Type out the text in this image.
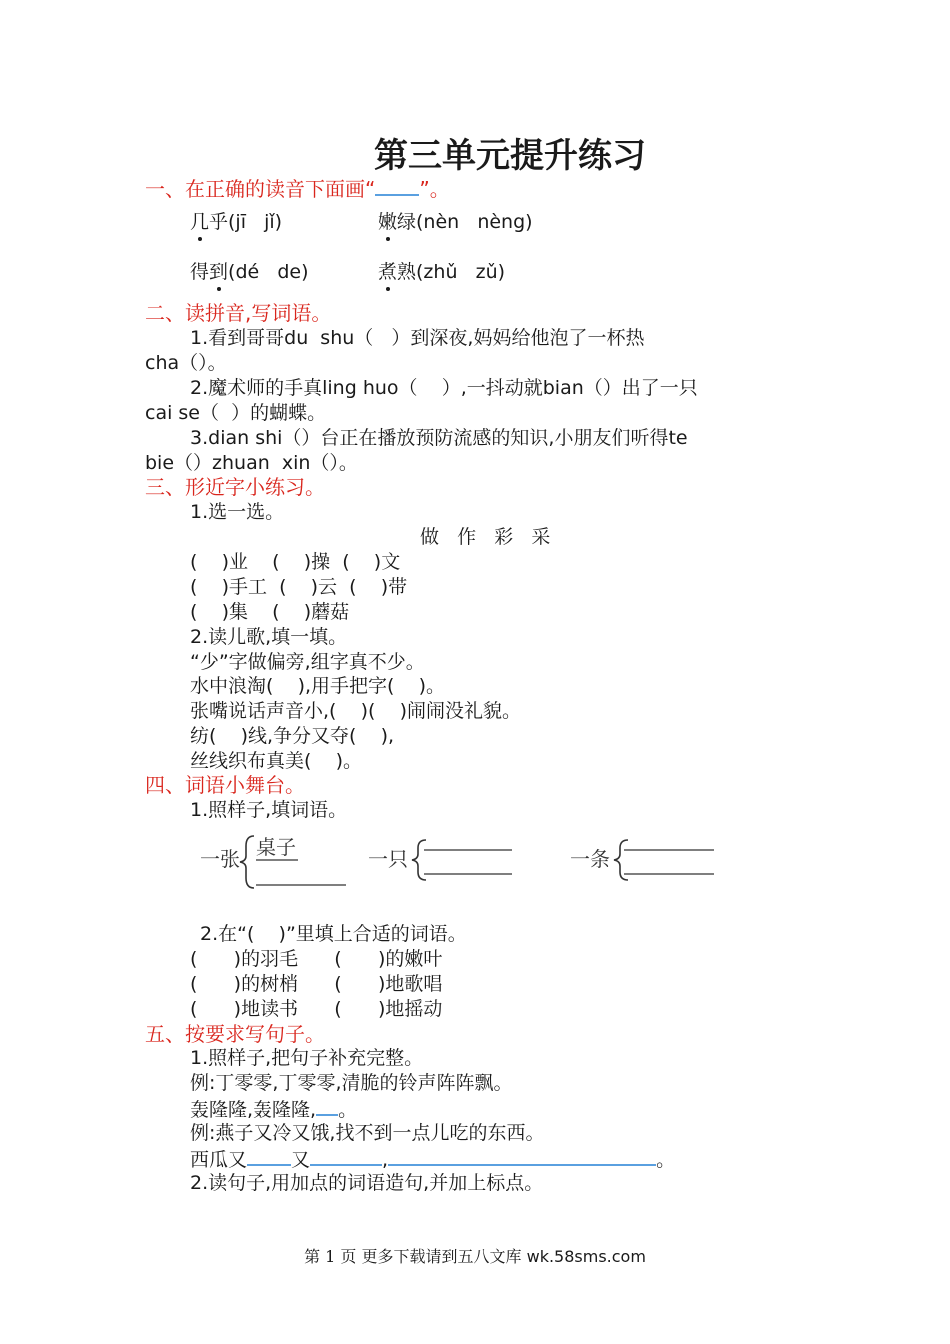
第三单元提升练习
一、在正确的读音下面画“ ”。
几乎(jī   jǐ)	嫩绿(nèn   nèng)
得到(dé   de)	煮熟(zhǔ   zǔ)
二、读拼音,写词语。
1.看到哥哥du  shu（   ）到深夜,妈妈给他泡了一杯热
cha（）。
2.魔术师的手真ling huo（    ）,一抖动就bian（）出了一只
cai se（  ）的蝴蝶。
3.dian shi（）台正在播放预防流感的知识,小朋友们听得te
bie（）zhuan  xin（）。
三、形近字小练习。
1.选一选。
做   作   彩   采
(    )业    (    )操  (    )文
(    )手工  (    )云  (    )带
(    )集    (    )蘑菇
2.读儿歌,填一填。
“少”字做偏旁,组字真不少。
水中浪淘(    ),用手把字(    )。
张嘴说话声音小,(    )(    )闹闹没礼貌。
纺(    )线,争分又夺(    ),
丝线织布真美(    )。
四、词语小舞台。
1.照样子,填词语。
一张 桌子	一只	一条
2.在“(    )”里填上合适的词语。
(      )的羽毛      (      )的嫩叶
(      )的树梢      (      )地歌唱
(      )地读书      (      )地摇动
五、按要求写句子。
1.照样子,把句子补充完整。
例:丁零零,丁零零,清脆的铃声阵阵飘。
轰隆隆,轰隆隆, 。
例:燕子又冷又饿,找不到一点儿吃的东西。
西瓜又 又	,	。
2.读句子,用加点的词语造句,并加上标点。
第 1 页 更多下载请到五八文库 wk.58sms.com
